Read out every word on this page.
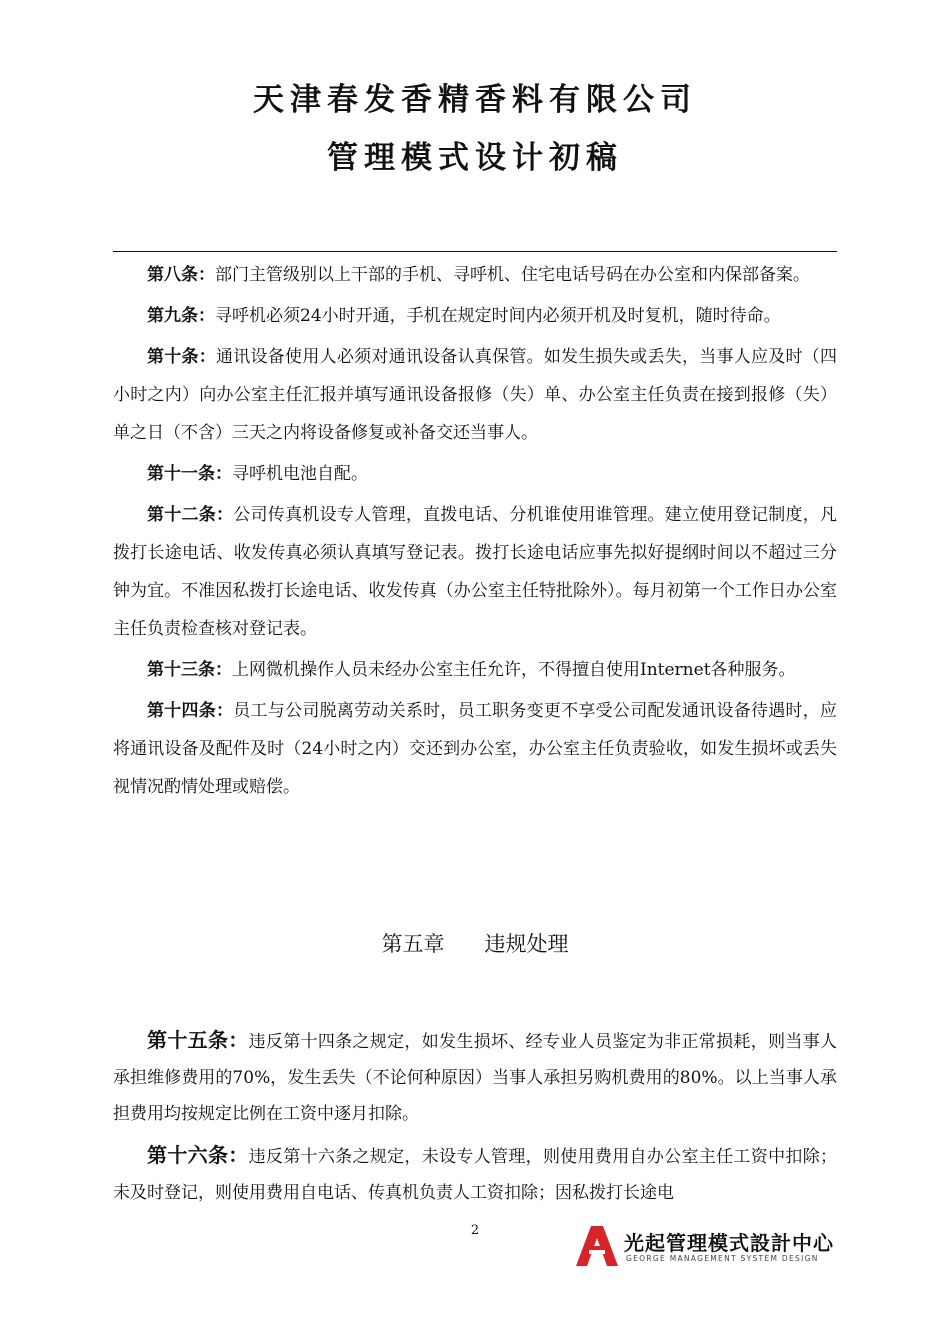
天津春发香精香料有限公司
管理模式设计初稿

第八条：部门主管级别以上干部的手机、寻呼机、住宅电话号码在办公室和内保部备案。

第九条：寻呼机必须24小时开通，手机在规定时间内必须开机及时复机，随时待命。

第十条：通讯设备使用人必须对通讯设备认真保管。如发生损失或丢失，当事人应及时（四小时之内）向办公室主任汇报并填写通讯设备报修（失）单、办公室主任负责在接到报修（失）单之日（不含）三天之内将设备修复或补备交还当事人。

第十一条：寻呼机电池自配。

第十二条：公司传真机设专人管理，直拨电话、分机谁使用谁管理。建立使用登记制度，凡拨打长途电话、收发传真必须认真填写登记表。拨打长途电话应事先拟好提纲时间以不超过三分钟为宜。不准因私拨打长途电话、收发传真（办公室主任特批除外）。每月初第一个工作日办公室主任负责检查核对登记表。

第十三条：上网微机操作人员未经办公室主任允许，不得擅自使用Internet各种服务。

第十四条：员工与公司脱离劳动关系时，员工职务变更不享受公司配发通讯设备待遇时，应将通讯设备及配件及时（24小时之内）交还到办公室，办公室主任负责验收，如发生损坏或丢失视情况酌情处理或赔偿。

第五章 违规处理

第十五条：违反第十四条之规定，如发生损坏、经专业人员鉴定为非正常损耗，则当事人承担维修费用的70%，发生丢失（不论何种原因）当事人承担另购机费用的80%。以上当事人承担费用均按规定比例在工资中逐月扣除。

第十六条：违反第十六条之规定，未设专人管理，则使用费用自办公室主任工资中扣除；未及时登记，则使用费用自电话、传真机负责人工资扣除；因私拨打长途电

2
光起管理模式設計中心
GEORGE MANAGEMENT SYSTEM DESIGN
